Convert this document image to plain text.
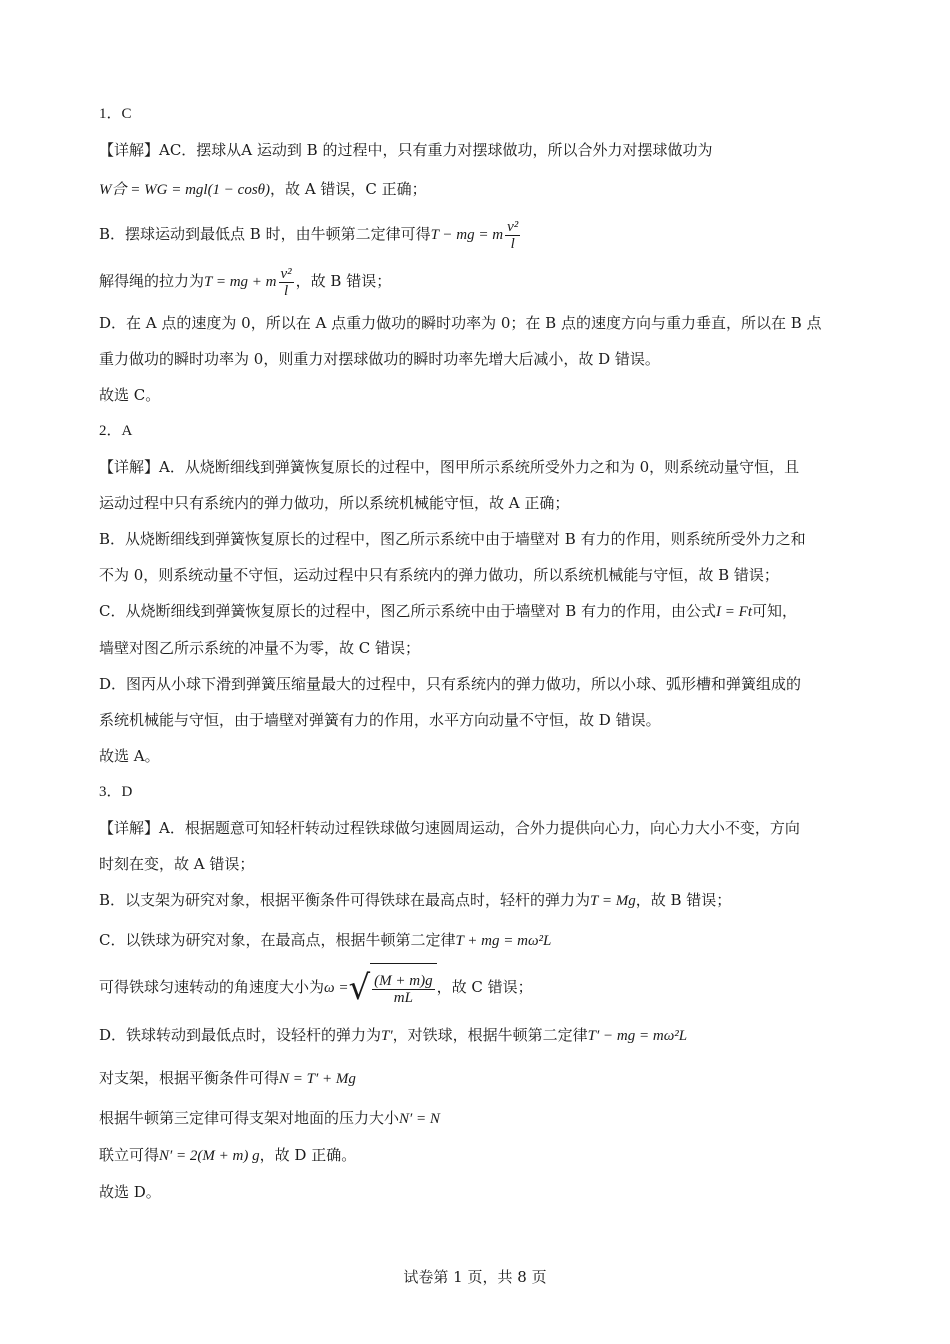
1．C
【详解】AC．摆球从A 运动到 B 的过程中，只有重力对摆球做功，所以合外力对摆球做功为
W合 = WG = mgl(1 − cosθ)，故 A 错误，C 正确；
B．摆球运动到最低点 B 时，由牛顿第二定律可得T − mg = m $\frac{\text{v²}}{l}$
解得绳的拉力为T = mg + m $\frac{\text{v²}}{l}$ ，故 B 错误；
D．在 A 点的速度为 0，所以在 A 点重力做功的瞬时功率为 0；在 B 点的速度方向与重力垂直，所以在 B 点
重力做功的瞬时功率为 0，则重力对摆球做功的瞬时功率先增大后减小，故 D 错误。
故选 C。
2．A
【详解】A．从烧断细线到弹簧恢复原长的过程中，图甲所示系统所受外力之和为 0，则系统动量守恒，且
运动过程中只有系统内的弹力做功，所以系统机械能守恒，故 A 正确；
B．从烧断细线到弹簧恢复原长的过程中，图乙所示系统中由于墙壁对 B 有力的作用，则系统所受外力之和
不为 0，则系统动量不守恒，运动过程中只有系统内的弹力做功，所以系统机械能与守恒，故 B 错误；
C．从烧断细线到弹簧恢复原长的过程中，图乙所示系统中由于墙壁对 B 有力的作用，由公式I = Ft可知，
墙壁对图乙所示系统的冲量不为零，故 C 错误；
D．图丙从小球下滑到弹簧压缩量最大的过程中，只有系统内的弹力做功，所以小球、弧形槽和弹簧组成的
系统机械能与守恒，由于墙壁对弹簧有力的作用，水平方向动量不守恒，故 D 错误。
故选 A。
3．D
【详解】A．根据题意可知轻杆转动过程铁球做匀速圆周运动，合外力提供向心力，向心力大小不变，方向
时刻在变，故 A 错误；
B．以支架为研究对象，根据平衡条件可得铁球在最高点时，轻杆的弹力为T = Mg，故 B 错误；
C．以铁球为研究对象，在最高点，根据牛顿第二定律T + mg = mω²L
可得铁球匀速转动的角速度大小为ω =√ $\frac{(M + m)g}{mL}$ ，故 C 错误；
D．铁球转动到最低点时，设轻杆的弹力为T′，对铁球，根据牛顿第二定律T′ − mg = mω²L
对支架，根据平衡条件可得N = T′ + Mg
根据牛顿第三定律可得支架对地面的压力大小N′ = N
联立可得N′ = 2(M + m) g，故 D 正确。
故选 D。
试卷第 1 页，共 8 页
